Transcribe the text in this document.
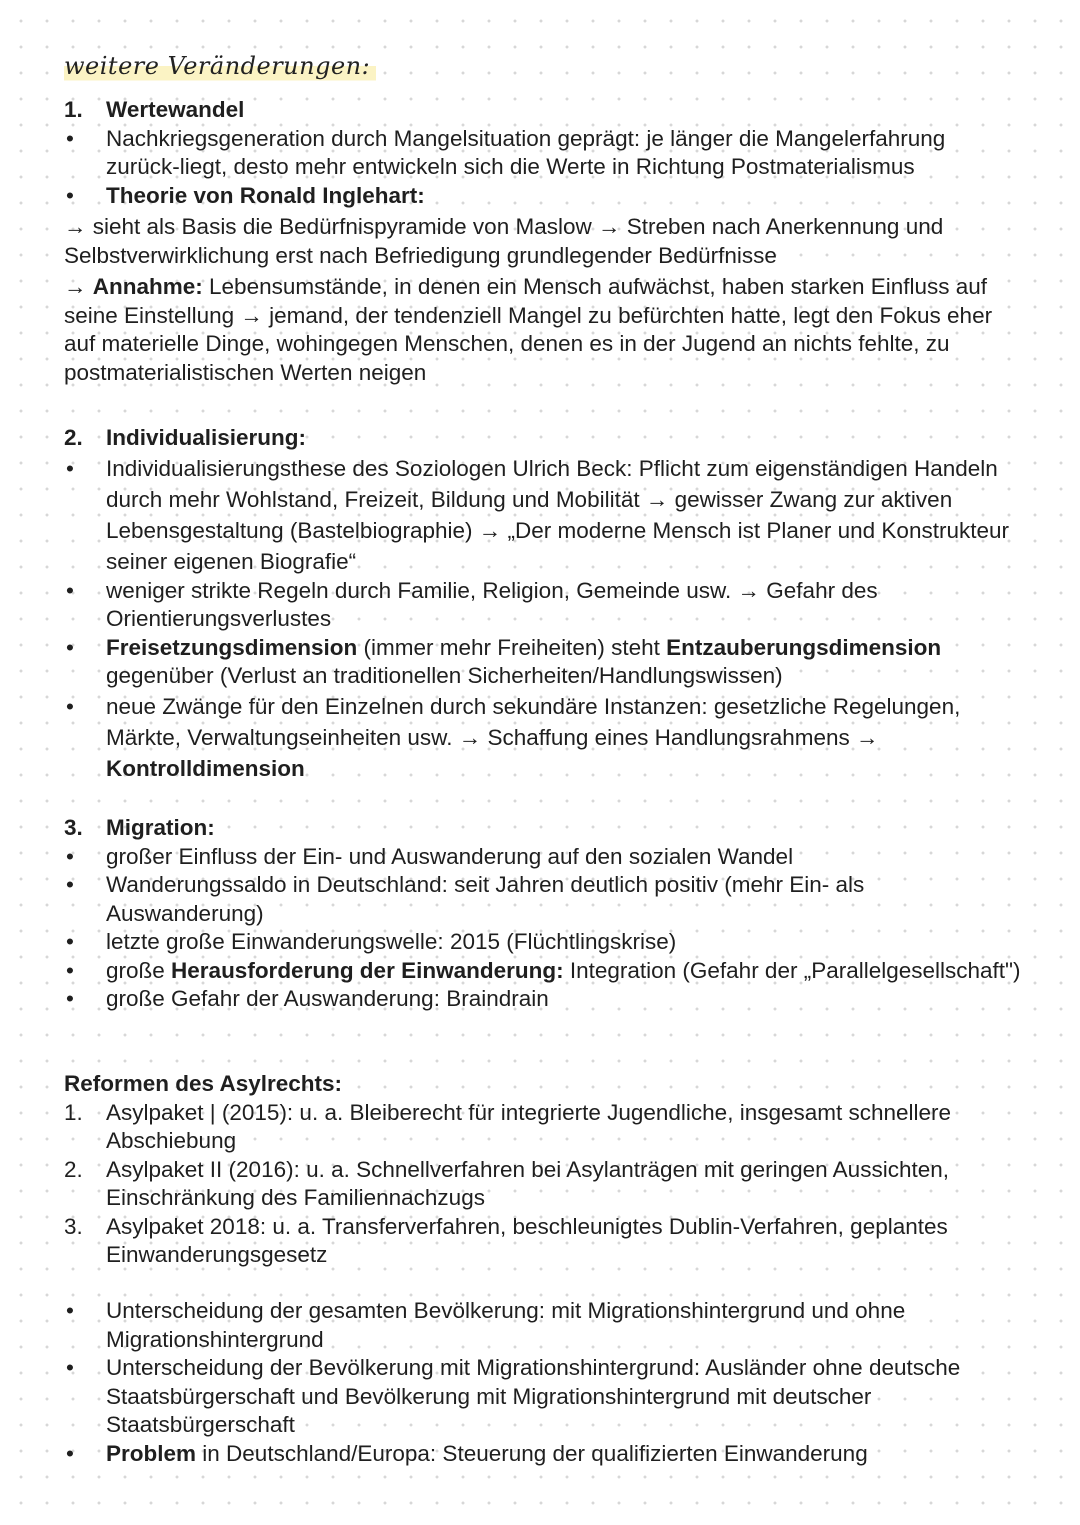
weitere Veränderungen:
1.	Wertewandel
•	Nachkriegsgeneration durch Mangelsituation geprägt: je länger die Mangelerfahrung zurück-liegt, desto mehr entwickeln sich die Werte in Richtung Postmaterialismus
•	Theorie von Ronald Inglehart:
→ sieht als Basis die Bedürfnispyramide von Maslow → Streben nach Anerkennung und Selbstverwirklichung erst nach Befriedigung grundlegender Bedürfnisse
→ Annahme: Lebensumstände, in denen ein Mensch aufwächst, haben starken Einfluss auf seine Einstellung → jemand, der tendenziell Mangel zu befürchten hatte, legt den Fokus eher auf materielle Dinge, wohingegen Menschen, denen es in der Jugend an nichts fehlte, zu postmaterialistischen Werten neigen
2.	Individualisierung:
•	Individualisierungsthese des Soziologen Ulrich Beck: Pflicht zum eigenständigen Handeln durch mehr Wohlstand, Freizeit, Bildung und Mobilität → gewisser Zwang zur aktiven Lebensgestaltung (Bastelbiographie) → „Der moderne Mensch ist Planer und Konstrukteur seiner eigenen Biografie“
•	weniger strikte Regeln durch Familie, Religion, Gemeinde usw. → Gefahr des Orientierungsverlustes
•	Freisetzungsdimension (immer mehr Freiheiten) steht Entzauberungsdimension gegenüber (Verlust an traditionellen Sicherheiten/Handlungswissen)
•	neue Zwänge für den Einzelnen durch sekundäre Instanzen: gesetzliche Regelungen, Märkte, Verwaltungseinheiten usw. → Schaffung eines Handlungsrahmens → Kontrolldimension
3.	Migration:
•	großer Einfluss der Ein- und Auswanderung auf den sozialen Wandel
•	Wanderungssaldo in Deutschland: seit Jahren deutlich positiv (mehr Ein- als Auswanderung)
•	letzte große Einwanderungswelle: 2015 (Flüchtlingskrise)
•	große Herausforderung der Einwanderung: Integration (Gefahr der „Parallelgesellschaft")
•	große Gefahr der Auswanderung: Braindrain
Reformen des Asylrechts:
1.	Asylpaket | (2015): u. a. Bleiberecht für integrierte Jugendliche, insgesamt schnellere Abschiebung
2.	Asylpaket II (2016): u. a. Schnellverfahren bei Asylanträgen mit geringen Aussichten, Einschränkung des Familiennachzugs
3.	Asylpaket 2018: u. a. Transferverfahren, beschleunigtes Dublin-Verfahren, geplantes Einwanderungsgesetz
•	Unterscheidung der gesamten Bevölkerung: mit Migrationshintergrund und ohne Migrationshintergrund
•	Unterscheidung der Bevölkerung mit Migrationshintergrund: Ausländer ohne deutsche Staatsbürgerschaft und Bevölkerung mit Migrationshintergrund mit deutscher Staatsbürgerschaft
•	Problem in Deutschland/Europa: Steuerung der qualifizierten Einwanderung
